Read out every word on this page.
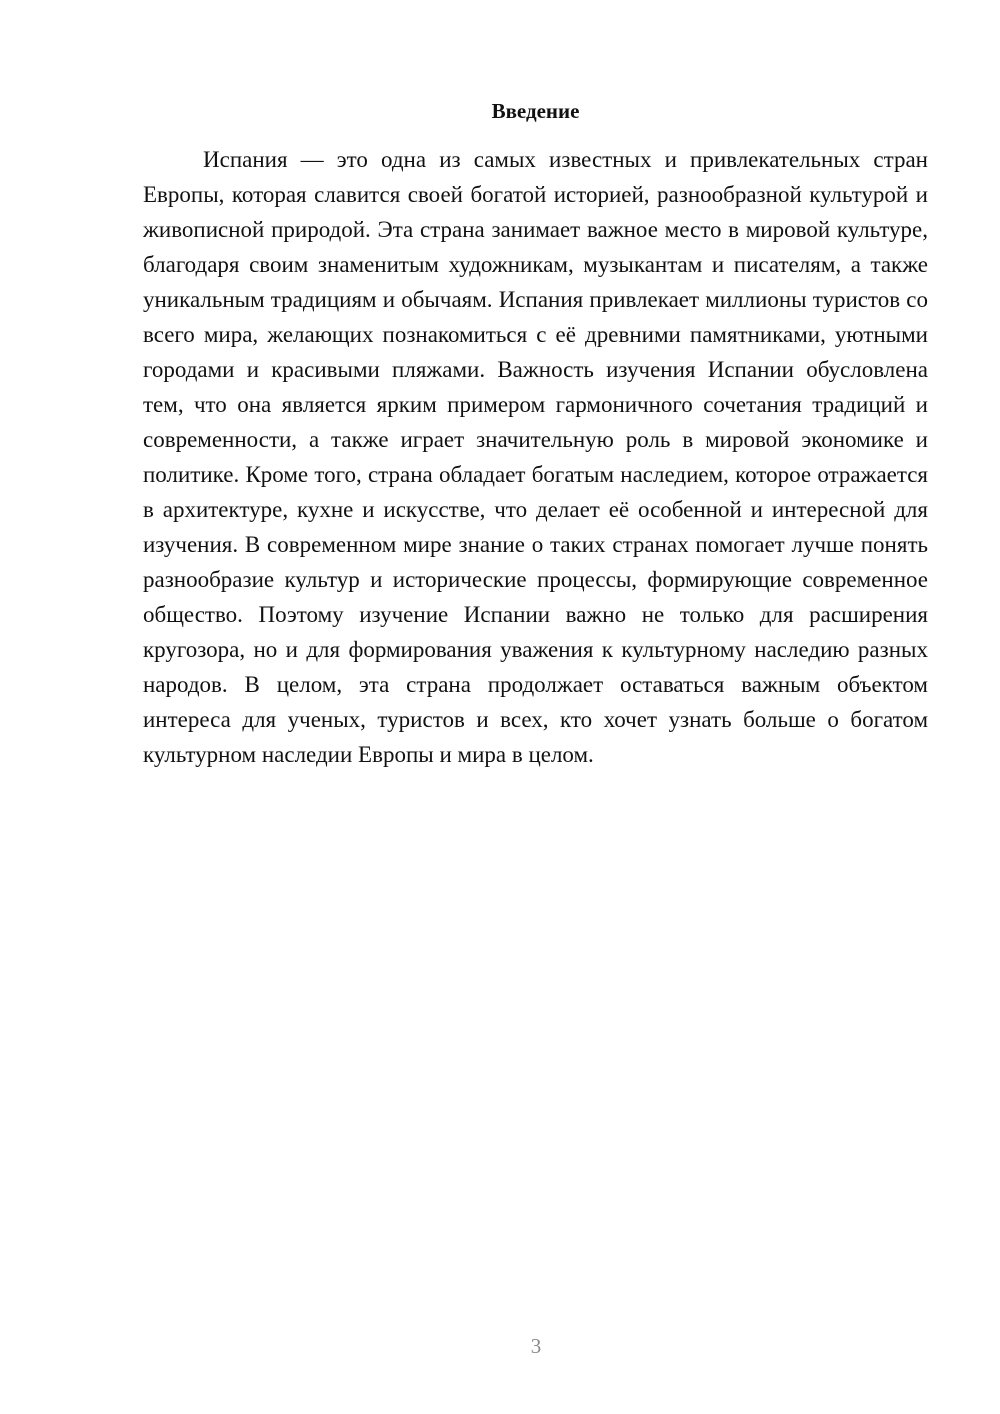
Введение

Испания — это одна из самых известных и привлекательных стран Европы, которая славится своей богатой историей, разнообразной культурой и живописной природой. Эта страна занимает важное место в мировой культуре, благодаря своим знаменитым художникам, музыкантам и писателям, а также уникальным традициям и обычаям. Испания привлекает миллионы туристов со всего мира, желающих познакомиться с её древними памятниками, уютными городами и красивыми пляжами. Важность изучения Испании обусловлена тем, что она является ярким примером гармоничного сочетания традиций и современности, а также играет значительную роль в мировой экономике и политике. Кроме того, страна обладает богатым наследием, которое отражается в архитектуре, кухне и искусстве, что делает её особенной и интересной для изучения. В современном мире знание о таких странах помогает лучше понять разнообразие культур и исторические процессы, формирующие современное общество. Поэтому изучение Испании важно не только для расширения кругозора, но и для формирования уважения к культурному наследию разных народов. В целом, эта страна продолжает оставаться важным объектом интереса для ученых, туристов и всех, кто хочет узнать больше о богатом культурном наследии Европы и мира в целом.

3
